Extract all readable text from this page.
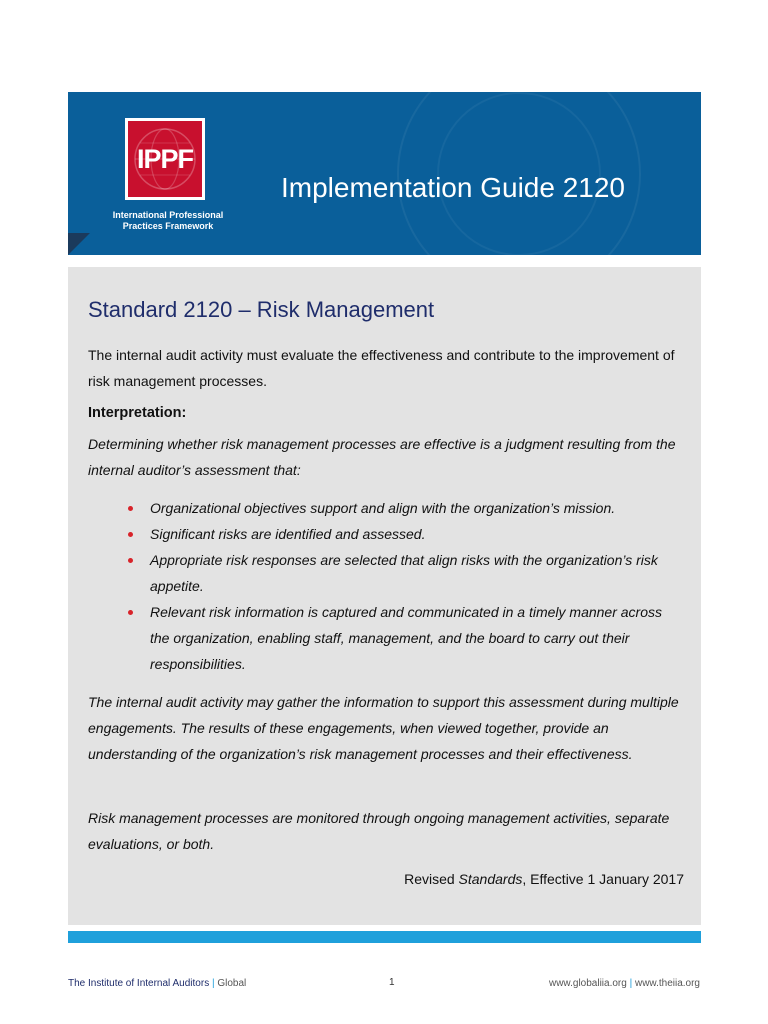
IPPF
International Professional
Practices Framework
Implementation Guide 2120
Standard 2120 – Risk Management
The internal audit activity must evaluate the effectiveness and contribute to the improvement of risk management processes.
Interpretation:
Determining whether risk management processes are effective is a judgment resulting from the internal auditor’s assessment that:
Organizational objectives support and align with the organization’s mission.
Significant risks are identified and assessed.
Appropriate risk responses are selected that align risks with the organization’s risk appetite.
Relevant risk information is captured and communicated in a timely manner across the organization, enabling staff, management, and the board to carry out their responsibilities.
The internal audit activity may gather the information to support this assessment during multiple engagements. The results of these engagements, when viewed together, provide an understanding of the organization’s risk management processes and their effectiveness.
Risk management processes are monitored through ongoing management activities, separate evaluations, or both.
Revised Standards, Effective 1 January 2017
The Institute of Internal Auditors | Global	1	www.globaliia.org | www.theiia.org
